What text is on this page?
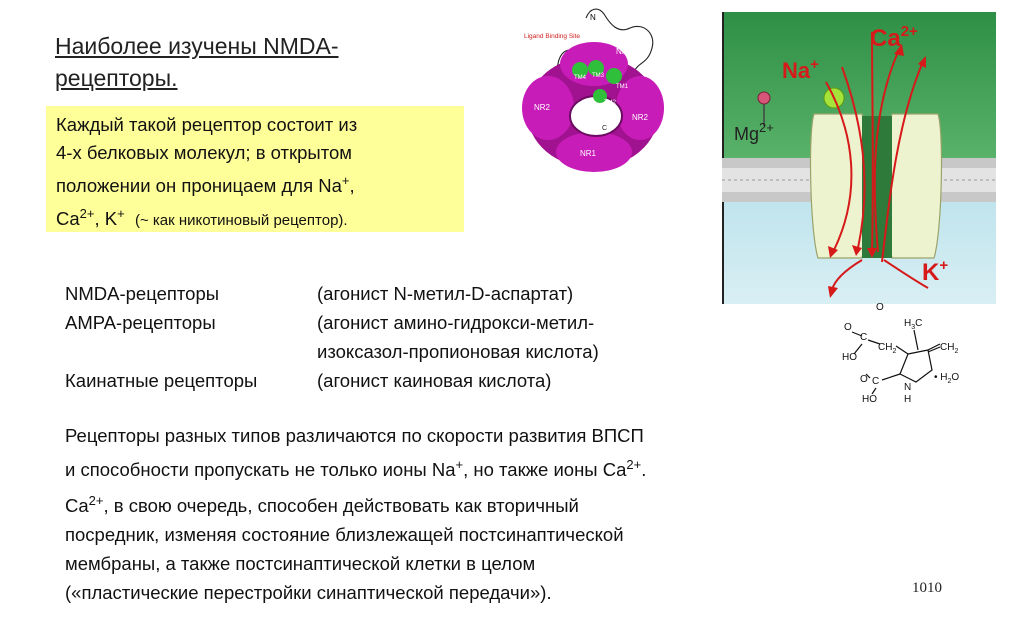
Наиболее изучены NMDA-
рецепторы.
Каждый такой рецептор состоит из
4-х белковых молекул; в открытом
положении он проницаем для Na+,
$Ca^{2+}$, K+ (~ как никотиновый рецептор).
NMDA-рецепторы	(агонист N-метил-D-аспартат)
AMPA-рецепторы	(агонист амино-гидрокси-метил-
изоксазол-пропионовая кислота)
Каинатные рецепторы	(агонист каиновая кислота)
Рецепторы разных типов различаются по скорости развития ВПСП
и способности пропускать не только ионы Na+, но также ионы $Ca^{2+}$.
$Ca^{2+}$, в свою очередь, способен действовать как вторичный
посредник, изменяя состояние близлежащей постсинаптической
мембраны, а также постсинаптической клетки в целом
(«пластические перестройки синаптической передачи»).	1010
N
Ligand Binding Site
NR1
TM3
TM4
TM1
TM2
NR2
NR2
NR1
C
$Ca^{2+}$
Na+
$Mg^{2+}$
K+
O
$H_3C$
$CH_2$	$CH_2$
C
O
HO
O C
HO
N
H
• $H_2O$
